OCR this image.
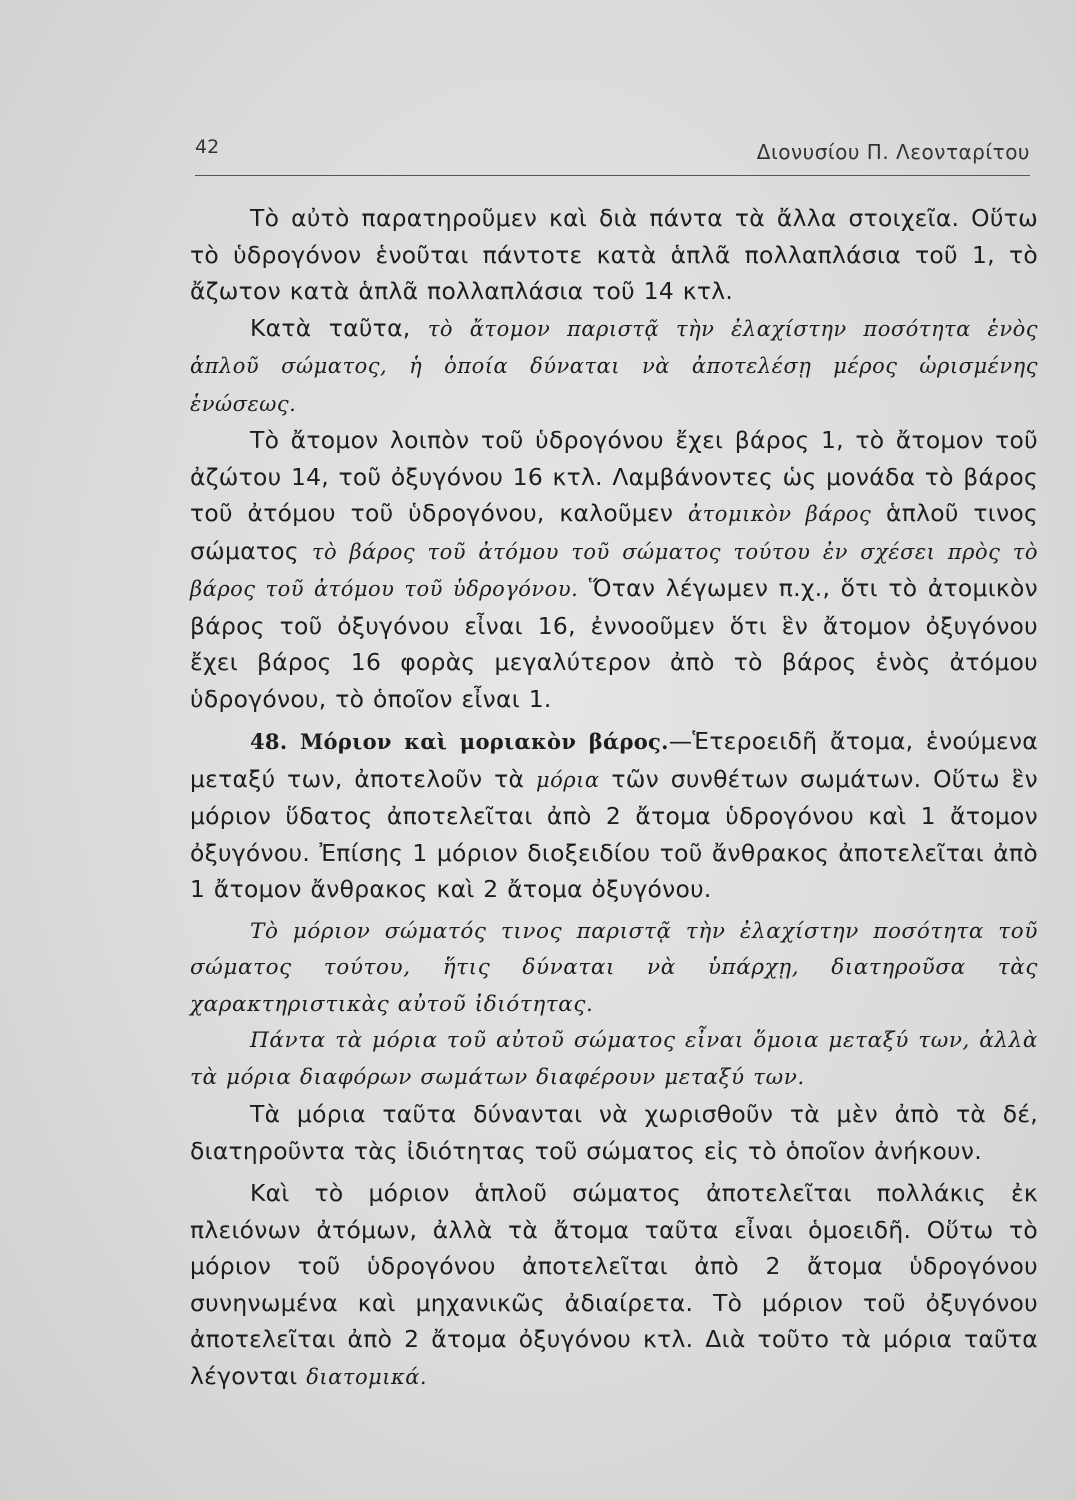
42	Διονυσίου Π. Λεονταρίτου

Τὸ αὐτὸ παρατηροῦμεν καὶ διὰ πάντα τὰ ἄλλα στοιχεῖα. Οὕτω τὸ ὑδρογόνον ἑνοῦται πάντοτε κατὰ ἁπλᾶ πολλαπλάσια τοῦ 1, τὸ ἄζωτον κατὰ ἁπλᾶ πολλαπλάσια τοῦ 14 κτλ.

Κατὰ ταῦτα, τὸ ἄτομον παριστᾷ τὴν ἐλαχίστην ποσότητα ἑνὸς ἁπλοῦ σώματος, ἡ ὁποία δύναται νὰ ἀποτελέσῃ μέρος ὡρισμένης ἑνώσεως.

Τὸ ἄτομον λοιπὸν τοῦ ὑδρογόνου ἔχει βάρος 1, τὸ ἄτομον τοῦ ἀζώτου 14, τοῦ ὀξυγόνου 16 κτλ. Λαμβάνοντες ὡς μονάδα τὸ βάρος τοῦ ἀτόμου τοῦ ὑδρογόνου, καλοῦμεν ἀτομικὸν βάρος ἁπλοῦ τινος σώματος τὸ βάρος τοῦ ἀτόμου τοῦ σώματος τούτου ἐν σχέσει πρὸς τὸ βάρος τοῦ ἀτόμου τοῦ ὑδρογόνου. Ὅταν λέγωμεν π.χ., ὅτι τὸ ἀτομικὸν βάρος τοῦ ὀξυγόνου εἶναι 16, ἐννοοῦμεν ὅτι ἓν ἄτομον ὀξυγόνου ἔχει βάρος 16 φορὰς μεγαλύτερον ἀπὸ τὸ βάρος ἑνὸς ἀτόμου ὑδρογόνου, τὸ ὁποῖον εἶναι 1.

48. Μόριον καὶ μοριακὸν βάρος.—Ἑτεροειδῆ ἄτομα, ἑνούμενα μεταξύ των, ἀποτελοῦν τὰ μόρια τῶν συνθέτων σωμάτων. Οὕτω ἓν μόριον ὕδατος ἀποτελεῖται ἀπὸ 2 ἄτομα ὑδρογόνου καὶ 1 ἄτομον ὀξυγόνου. Ἐπίσης 1 μόριον διοξειδίου τοῦ ἄνθρακος ἀποτελεῖται ἀπὸ 1 ἄτομον ἄνθρακος καὶ 2 ἄτομα ὀξυγόνου.

Τὸ μόριον σώματός τινος παριστᾷ τὴν ἐλαχίστην ποσότητα τοῦ σώματος τούτου, ἥτις δύναται νὰ ὑπάρχῃ, διατηροῦσα τὰς χαρακτηριστικὰς αὐτοῦ ἰδιότητας.

Πάντα τὰ μόρια τοῦ αὐτοῦ σώματος εἶναι ὅμοια μεταξύ των, ἀλλὰ τὰ μόρια διαφόρων σωμάτων διαφέρουν μεταξύ των.

Τὰ μόρια ταῦτα δύνανται νὰ χωρισθοῦν τὰ μὲν ἀπὸ τὰ δέ, διατηροῦντα τὰς ἰδιότητας τοῦ σώματος εἰς τὸ ὁποῖον ἀνήκουν.

Καὶ τὸ μόριον ἁπλοῦ σώματος ἀποτελεῖται πολλάκις ἐκ πλειόνων ἀτόμων, ἀλλὰ τὰ ἄτομα ταῦτα εἶναι ὁμοειδῆ. Οὕτω τὸ μόριον τοῦ ὑδρογόνου ἀποτελεῖται ἀπὸ 2 ἄτομα ὑδρογόνου συνηνωμένα καὶ μηχανικῶς ἀδιαίρετα. Τὸ μόριον τοῦ ὀξυγόνου ἀποτελεῖται ἀπὸ 2 ἄτομα ὀξυγόνου κτλ. Διὰ τοῦτο τὰ μόρια ταῦτα λέγονται διατομικά.
